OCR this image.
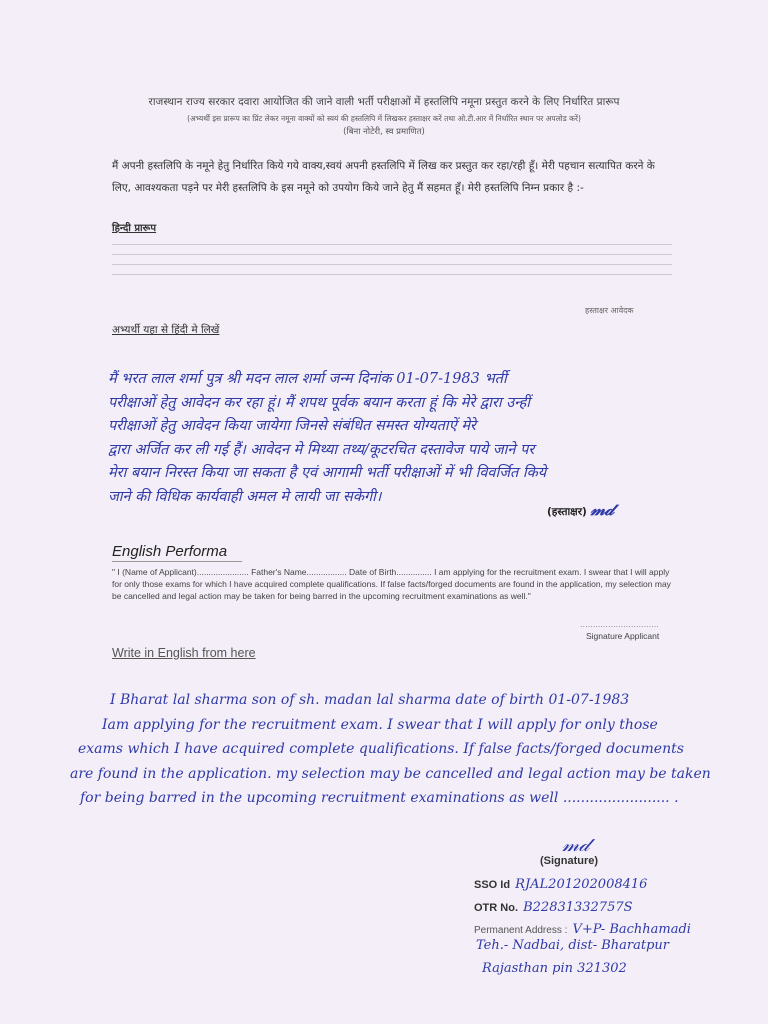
राजस्थान राज्य सरकार दवारा आयोजित की जाने वाली भर्ती परीक्षाओं में हस्तलिपि नमूना प्रस्तुत करने के लिए निर्धारित प्रारूप
(अभ्यर्थी इस प्रारूप का प्रिंट लेकर नमूना वाक्यों को स्वयं की हस्तलिपि में लिखकर हस्ताक्षर करें तथा ओ.टी.आर में निर्धारित स्थान पर अपलोड करें)
(बिना नोटेरी, स्व प्रमाणित)
मैं अपनी हस्तलिपि के नमूने हेतु निर्धारित किये गये वाक्य,स्वयं अपनी हस्तलिपि में लिख कर प्रस्तुत कर रहा/रही हूँ। मेरी पहचान सत्यापित करने के लिए, आवश्यकता पड़ने पर मेरी हस्तलिपि के इस नमूने को उपयोग किये जाने हेतु मैं सहमत हूँ। मेरी हस्तलिपि निम्न प्रकार है :-
हिन्दी प्रारूप
हस्ताक्षर आवेदक
अभ्यर्थी यहा से हिंदी मे लिखें
मैं भरत लाल शर्मा पुत्र श्री मदन लाल शर्मा जन्म दिनांक 01-07-1983 भर्ती
परीक्षाओं हेतु आवेदन कर रहा हूं। मैं शपथ पूर्वक बयान करता हूं कि मेरे द्वारा उन्हीं
परीक्षाओं हेतु आवेदन किया जायेगा जिनसे संबंधित समस्त योग्यताऐं मेरे
द्वारा अर्जित कर ली गई हैं। आवेदन मे मिथ्या तथ्य/कूटरचित दस्तावेज पाये जाने पर
मेरा बयान निरस्त किया जा सकता है एवं आगामी भर्ती परीक्षाओं में भी विवर्जित किये
जाने की विधिक कार्यवाही अमल मे लायी जा सकेगी।
(हस्ताक्षर) 𝓂𝒹
English Performa
" I (Name of Applicant)...................... Father's Name................. Date of Birth............... I am applying for the recruitment exam. I swear that I will apply for only those exams for which I have acquired complete qualifications. If false facts/forged documents are found in the application, my selection may be cancelled and legal action may be taken for being barred in the upcoming recruitment examinations as well."
...............................
Signature Applicant
Write in English from here
I Bharat lal sharma son of sh. madan lal sharma date of birth 01-07-1983
Iam applying for the recruitment exam. I swear that I will apply for only those
exams which I have acquired complete qualifications. If false facts/forged documents
are found in the application. my selection may be cancelled and legal action may be taken
for being barred in the upcoming recruitment examinations as well ........................ .
𝓂𝒹
(Signature)
SSO Id RJAL201202008416
OTR No. B22831332757S
Permanent Address : V+P- Bachhamadi
Teh.- Nadbai, dist- Bharatpur
Rajasthan pin 321302
